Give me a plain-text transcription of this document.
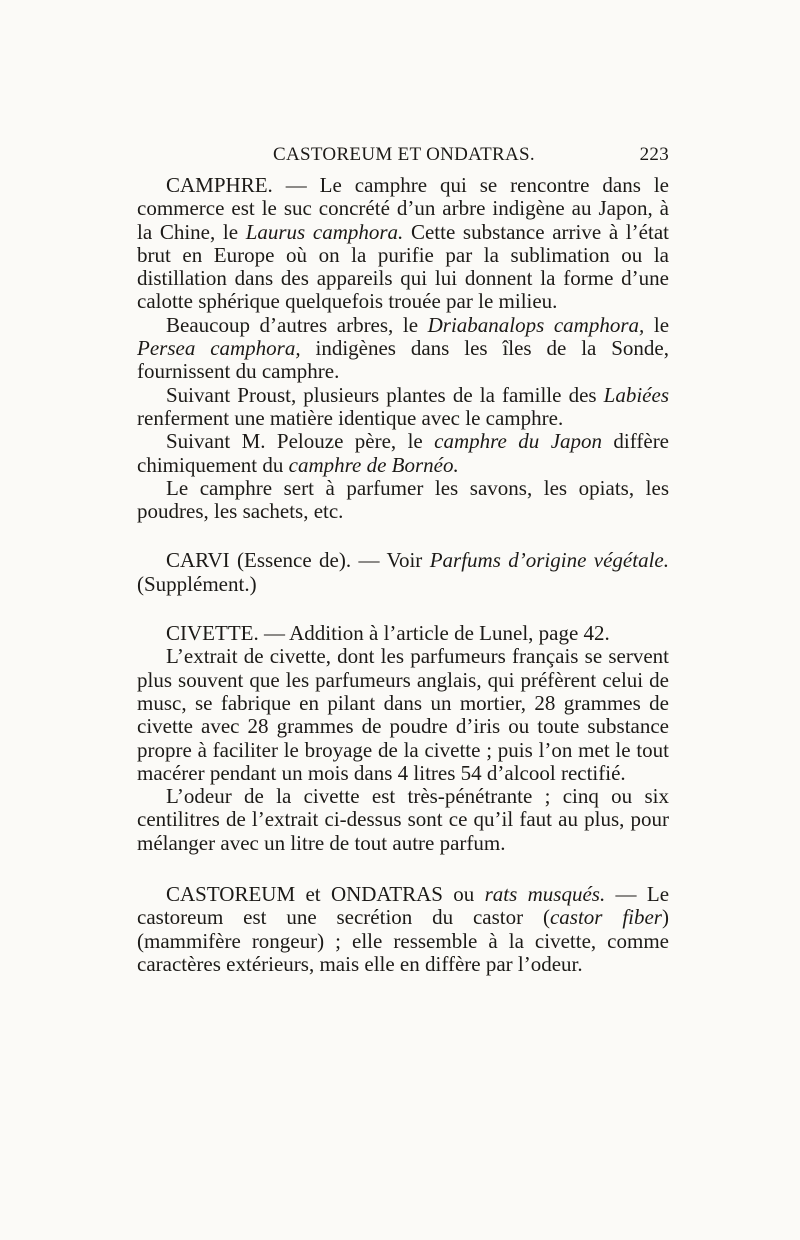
CASTOREUM ET ONDATRAS.	223

CAMPHRE. — Le camphre qui se rencontre dans le commerce est le suc concrété d’un arbre indigène au Japon, à la Chine, le Laurus camphora. Cette substance arrive à l’état brut en Europe où on la purifie par la sublimation ou la distillation dans des appareils qui lui donnent la forme d’une calotte sphérique quelquefois trouée par le milieu.

Beaucoup d’autres arbres, le Driabanalops camphora, le Persea camphora, indigènes dans les îles de la Sonde, fournissent du camphre.

Suivant Proust, plusieurs plantes de la famille des Labiées renferment une matière identique avec le camphre.

Suivant M. Pelouze père, le camphre du Japon diffère chimiquement du camphre de Bornéo.

Le camphre sert à parfumer les savons, les opiats, les poudres, les sachets, etc.

CARVI (Essence de). — Voir Parfums d’origine végétale. (Supplément.)

CIVETTE. — Addition à l’article de Lunel, page 42.

L’extrait de civette, dont les parfumeurs français se servent plus souvent que les parfumeurs anglais, qui préfèrent celui de musc, se fabrique en pilant dans un mortier, 28 grammes de civette avec 28 grammes de poudre d’iris ou toute substance propre à faciliter le broyage de la civette ; puis l’on met le tout macérer pendant un mois dans 4 litres 54 d’alcool rectifié.

L’odeur de la civette est très-pénétrante ; cinq ou six centilitres de l’extrait ci-dessus sont ce qu’il faut au plus, pour mélanger avec un litre de tout autre parfum.

CASTOREUM et ONDATRAS ou rats musqués. — Le castoreum est une secrétion du castor (castor fiber) (mammifère rongeur) ; elle ressemble à la civette, comme caractères extérieurs, mais elle en diffère par l’odeur.
